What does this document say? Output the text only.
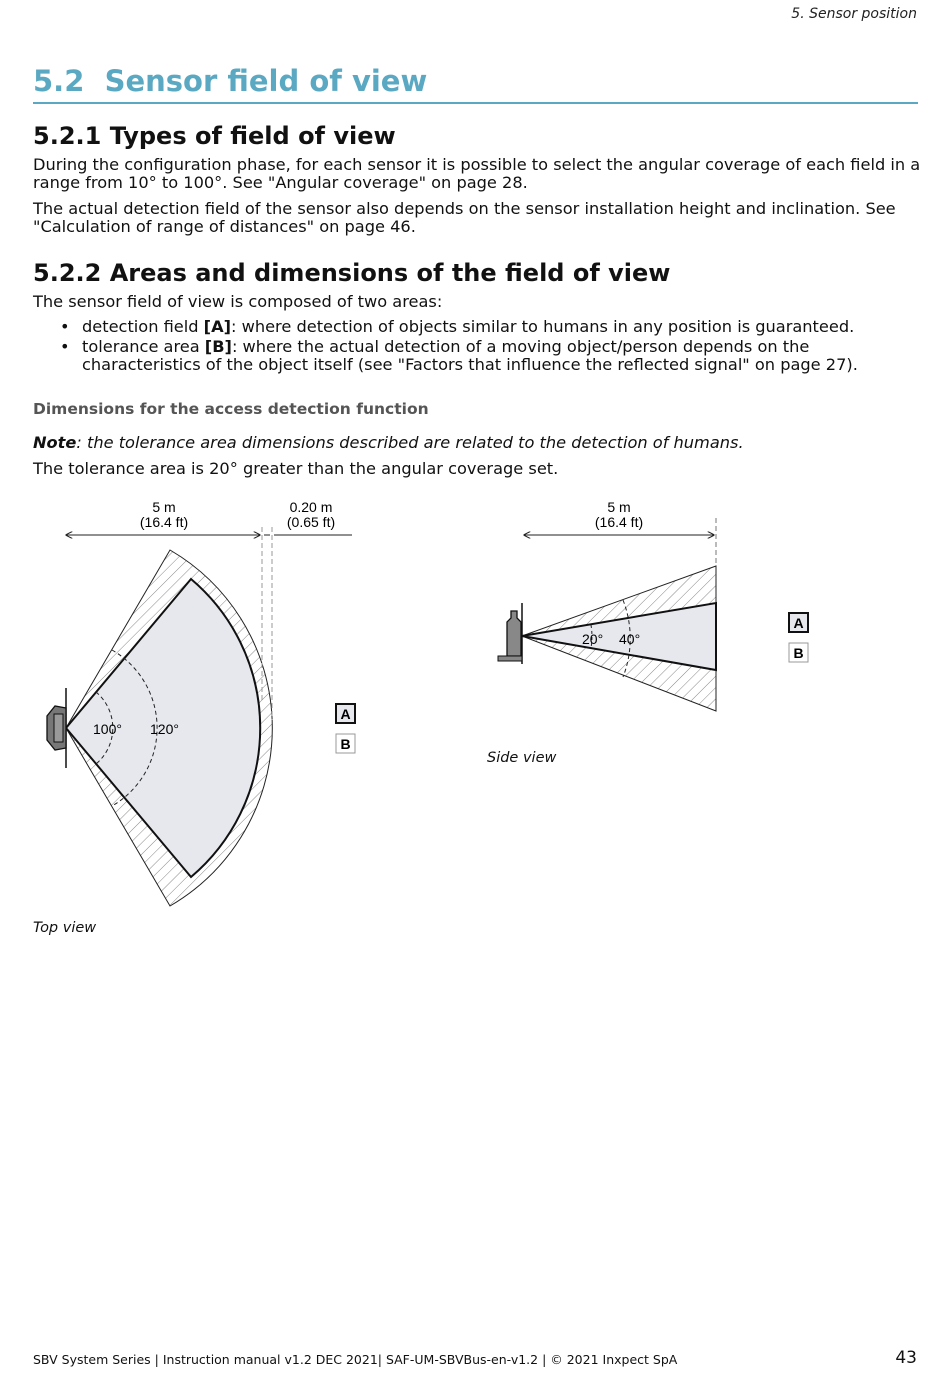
5. Sensor position
5.2 Sensor field of view
5.2.1 Types of field of view

During the configuration phase, for each sensor it is possible to select the angular coverage of each field in a range from 10° to 100°. See "Angular coverage" on page 28.

The actual detection field of the sensor also depends on the sensor installation height and inclination. See "Calculation of range of distances" on page 46.

5.2.2 Areas and dimensions of the field of view

The sensor field of view is composed of two areas:

• detection field [A]: where detection of objects similar to humans in any position is guaranteed.
• tolerance area [B]: where the actual detection of a moving object/person depends on the characteristics of the object itself (see "Factors that influence the reflected signal" on page 27).
Dimensions for the access detection function

Note: the tolerance area dimensions described are related to the detection of humans.

The tolerance area is 20° greater than the angular coverage set.

100° 120°
5 m
(16.4 ft)
0.20 m
(0.65 ft)
A
B
Top view
20° 40°
5 m
(16.4 ft)
A
B
Side view
SBV System Series | Instruction manual v1.2 DEC 2021| SAF-UM-SBVBus-en-v1.2 | © 2021 Inxpect SpA	43
